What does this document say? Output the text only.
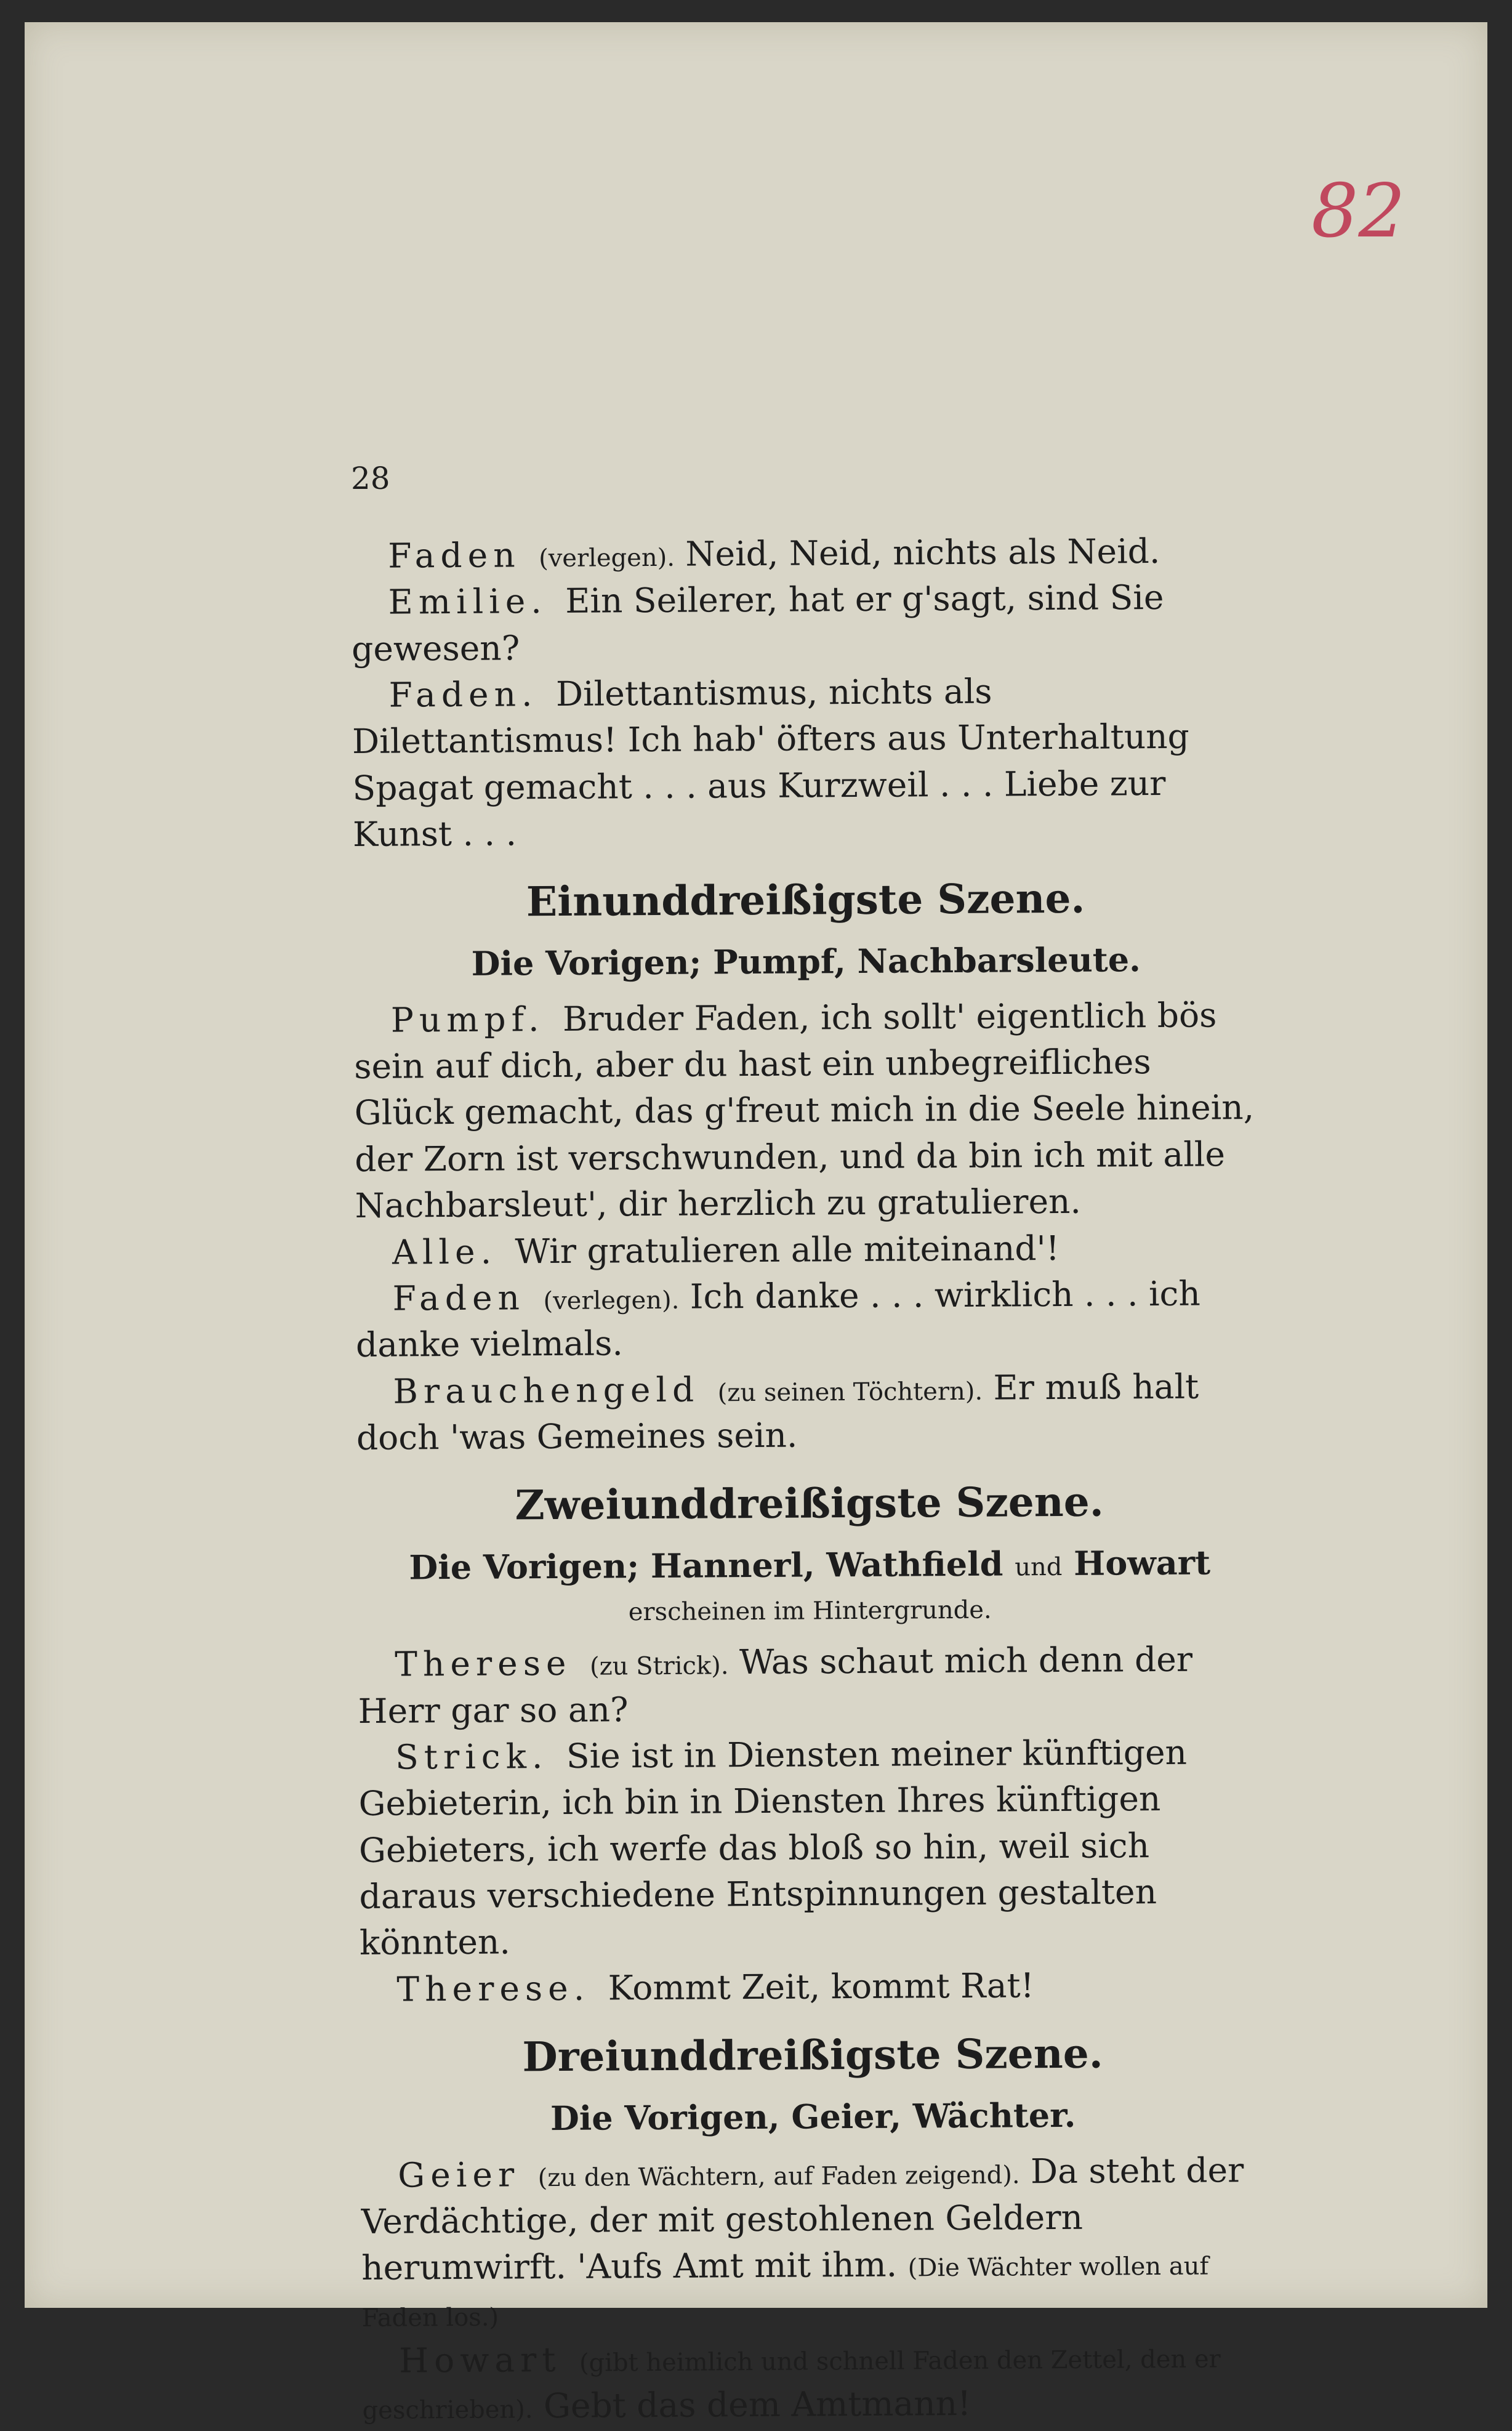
82
28

Faden (verlegen). Neid, Neid, nichts als Neid.

Emilie. Ein Seilerer, hat er g'sagt, sind Sie gewesen?

Faden. Dilettantismus, nichts als Dilettantismus! Ich hab' öfters aus Unterhaltung Spagat gemacht . . . aus Kurzweil . . . Liebe zur Kunst . . .

Einunddreißigste Szene.
Die Vorigen; Pumpf, Nachbarsleute.

Pumpf. Bruder Faden, ich sollt' eigentlich bös sein auf dich, aber du hast ein unbegreifliches Glück gemacht, das g'freut mich in die Seele hinein, der Zorn ist verschwunden, und da bin ich mit alle Nachbarsleut', dir herzlich zu gratulieren.

Alle. Wir gratulieren alle miteinand'!

Faden (verlegen). Ich danke . . . wirklich . . . ich danke vielmals.

Brauchengeld (zu seinen Töchtern). Er muß halt doch 'was Gemeines sein.

Zweiunddreißigste Szene.
Die Vorigen; Hannerl, Wathfield und Howart
erscheinen im Hintergrunde.

Therese (zu Strick). Was schaut mich denn der Herr gar so an?

Strick. Sie ist in Diensten meiner künftigen Gebieterin, ich bin in Diensten Ihres künftigen Gebieters, ich werfe das bloß so hin, weil sich daraus verschiedene Entspinnungen gestalten könnten.

Therese. Kommt Zeit, kommt Rat!

Dreiunddreißigste Szene.
Die Vorigen, Geier, Wächter.

Geier (zu den Wächtern, auf Faden zeigend). Da steht der Verdächtige, der mit gestohlenen Geldern herumwirft. 'Aufs Amt mit ihm. (Die Wächter wollen auf Faden los.)

Howart (gibt heimlich und schnell Faden den Zettel, den er geschrieben). Gebt das dem Amtmann!
